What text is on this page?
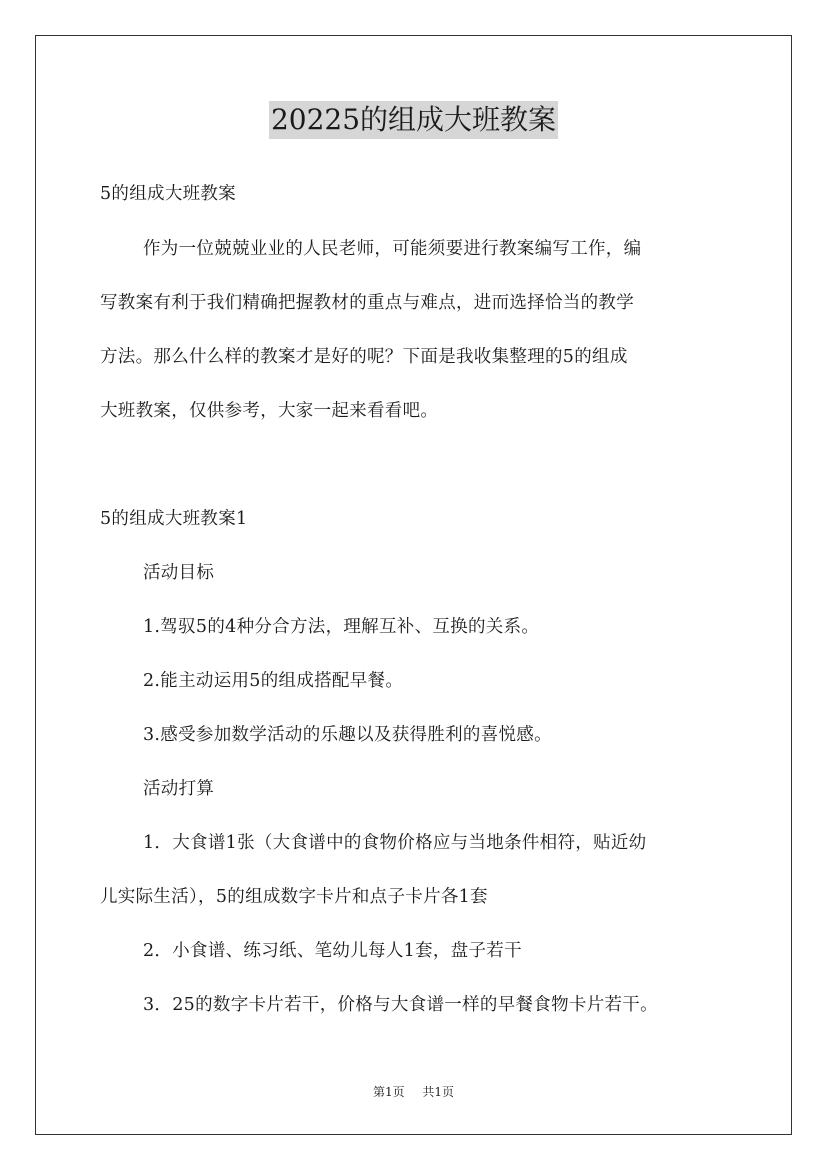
20225的组成大班教案
5的组成大班教案
作为一位兢兢业业的人民老师，可能须要进行教案编写工作，编
写教案有利于我们精确把握教材的重点与难点，进而选择恰当的教学
方法。那么什么样的教案才是好的呢？下面是我收集整理的5的组成
大班教案，仅供参考，大家一起来看看吧。
5的组成大班教案1
活动目标
1.驾驭5的4种分合方法，理解互补、互换的关系。
2.能主动运用5的组成搭配早餐。
3.感受参加数学活动的乐趣以及获得胜利的喜悦感。
活动打算
1．大食谱1张（大食谱中的食物价格应与当地条件相符，贴近幼
儿实际生活），5的组成数字卡片和点子卡片各1套
2．小食谱、练习纸、笔幼儿每人1套，盘子若干
3．25的数字卡片若干，价格与大食谱一样的早餐食物卡片若干。
第1页 共1页
